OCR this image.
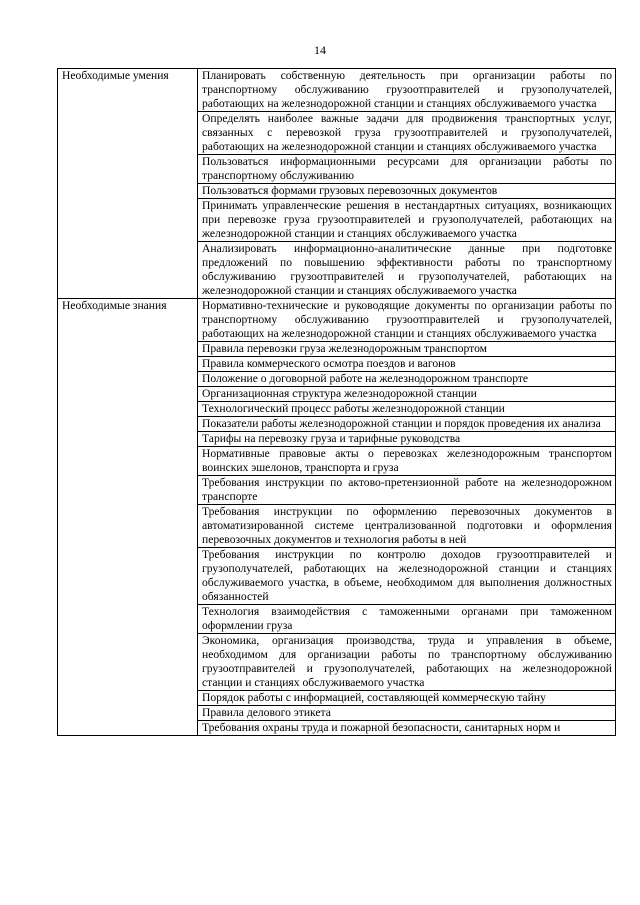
14
Необходимые умения	Планировать собственную деятельность при организации работы по транспортному обслуживанию грузоотправителей и грузополучателей, работающих на железнодорожной станции и станциях обслуживаемого участка
	Определять наиболее важные задачи для продвижения транспортных услуг, связанных с перевозкой груза грузоотправителей и грузополучателей, работающих на железнодорожной станции и станциях обслуживаемого участка
	Пользоваться информационными ресурсами для организации работы по транспортному обслуживанию
	Пользоваться формами грузовых перевозочных документов
	Принимать управленческие решения в нестандартных ситуациях, возникающих при перевозке груза грузоотправителей и грузополучателей, работающих на железнодорожной станции и станциях обслуживаемого участка
	Анализировать информационно-аналитические данные при подготовке предложений по повышению эффективности работы по транспортному обслуживанию грузоотправителей и грузополучателей, работающих на железнодорожной станции и станциях обслуживаемого участка
Необходимые знания	Нормативно-технические и руководящие документы по организации работы по транспортному обслуживанию грузоотправителей и грузополучателей, работающих на железнодорожной станции и станциях обслуживаемого участка
	Правила перевозки груза железнодорожным транспортом
	Правила коммерческого осмотра поездов и вагонов
	Положение о договорной работе на железнодорожном транспорте
	Организационная структура железнодорожной станции
	Технологический процесс работы железнодорожной станции
	Показатели работы железнодорожной станции и порядок проведения их анализа
	Тарифы на перевозку груза и тарифные руководства
	Нормативные правовые акты о перевозках железнодорожным транспортом воинских эшелонов, транспорта и груза
	Требования инструкции по актово-претензионной работе на железнодорожном транспорте
	Требования инструкции по оформлению перевозочных документов в автоматизированной системе централизованной подготовки и оформления перевозочных документов и технология работы в ней
	Требования инструкции по контролю доходов грузоотправителей и грузополучателей, работающих на железнодорожной станции и станциях обслуживаемого участка, в объеме, необходимом для выполнения должностных обязанностей
	Технология взаимодействия с таможенными органами при таможенном оформлении груза
	Экономика, организация производства, труда и управления в объеме, необходимом для организации работы по транспортному обслуживанию грузоотправителей и грузополучателей, работающих на железнодорожной станции и станциях обслуживаемого участка
	Порядок работы с информацией, составляющей коммерческую тайну
	Правила делового этикета
	Требования охраны труда и пожарной безопасности, санитарных норм и
